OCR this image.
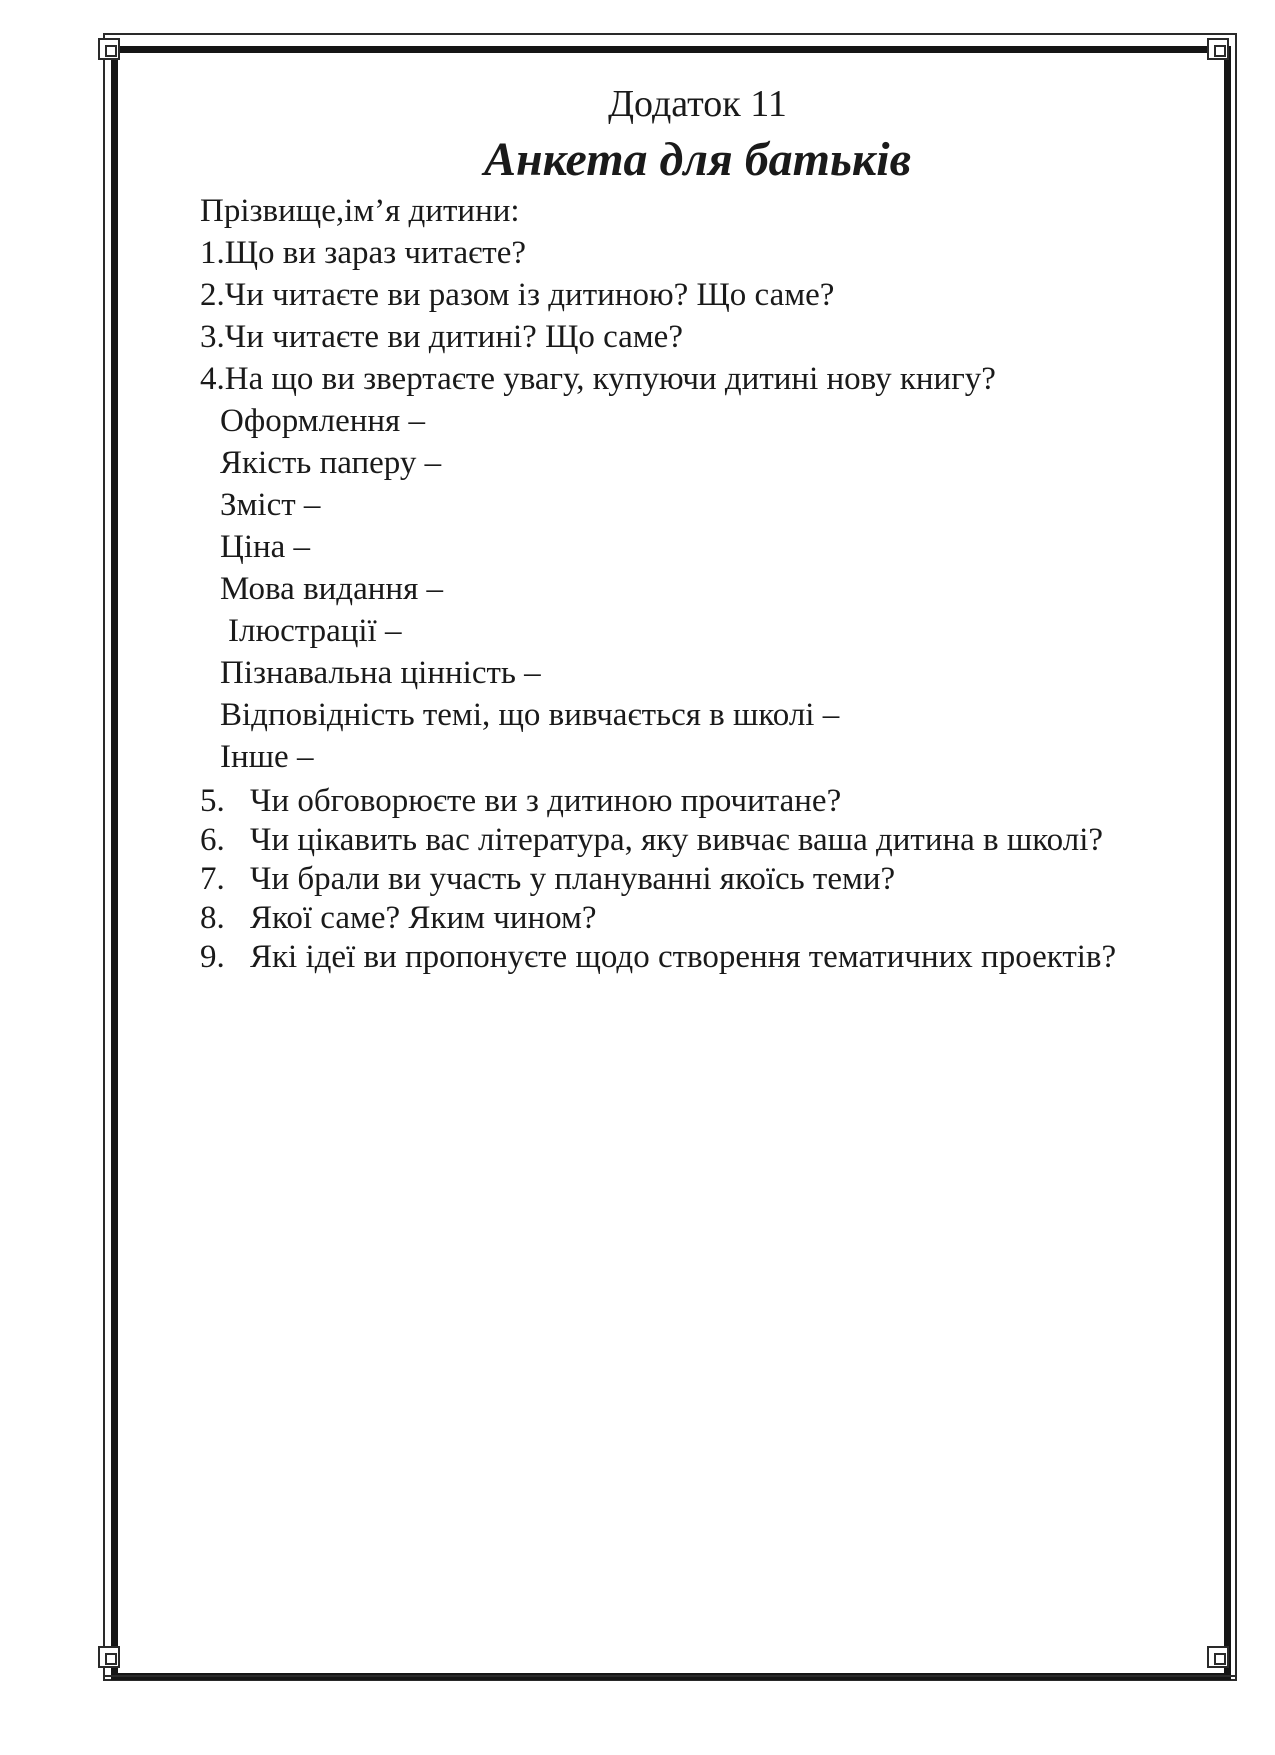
Додаток 11
Анкета для батьків
Прізвище,ім’я дитини:
1.Що ви зараз читаєте?
2.Чи читаєте ви разом із дитиною? Що саме?
3.Чи читаєте ви дитині? Що саме?
4.На що ви звертаєте увагу, купуючи дитині нову книгу?
Оформлення –
Якість паперу –
Зміст –
Ціна –
Мова видання –
Ілюстрації –
Пізнавальна цінність –
Відповідність темі, що вивчається в школі –
Інше –
5. Чи обговорюєте ви з дитиною прочитане?
6. Чи цікавить вас література, яку вивчає ваша дитина в школі?
7. Чи брали ви участь у плануванні якоїсь теми?
8. Якої саме? Яким чином?
9. Які ідеї ви пропонуєте щодо створення тематичних проектів?
